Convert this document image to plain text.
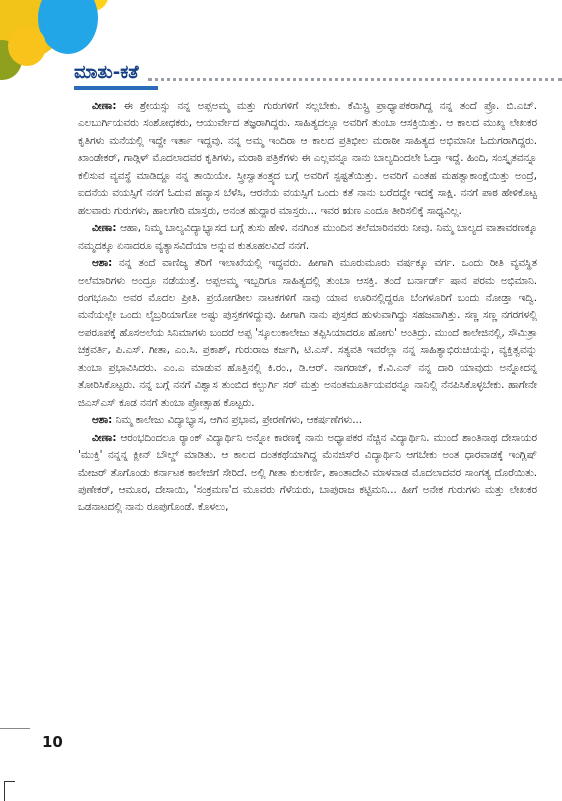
ಮಾತು-ಕತೆ

ವೀಣಾ: ಈ ಶ್ರೇಯಸ್ಸು ನನ್ನ ಅಪ್ಪಅಮ್ಮ ಮತ್ತು ಗುರುಗಳಿಗೆ ಸಲ್ಲಬೇಕು. ಕೆಮಿಸ್ಟ್ರಿ ಪ್ರಾಧ್ಯಾಪಕರಾಗಿದ್ದ ನನ್ನ ತಂದೆ ಪ್ರೊ. ಬಿ.ಎಚ್. ಎಲಬುರ್ಗಿಯವರು ಸಂಶೋಧಕರು, ಆಯುರ್ವೇದ ತಜ್ಞರಾಗಿದ್ದರು. ಸಾಹಿತ್ಯದಲ್ಲೂ ಅವರಿಗೆ ತುಂಬಾ ಆಸಕ್ತಿಯಿತ್ತು. ಆ ಕಾಲದ ಮುಖ್ಯ ಲೇಖಕರ ಕೃತಿಗಳು ಮನೆಯಲ್ಲಿ ಇದ್ದೇ ಇರ್ತಾ ಇದ್ದವು. ನನ್ನ ಅಮ್ಮ ಇಂದಿರಾ ಆ ಕಾಲದ ಪ್ರತಿಭೀಲ ಮರಾಠೀ ಸಾಹಿತ್ಯದ ಅಭಿಮಾನೀ ಓದುಗರಾಗಿದ್ದರು. ಖಾಂಡೇಕರ್, ಗಾಡ್ಗಿಳ್ ಮೊದಲಾದವರ ಕೃತಿಗಳು, ಮರಾಠಿ ಪತ್ರಿಕೆಗಳು ಈ ಎಲ್ಲವನ್ನೂ ನಾನು ಬಾಲ್ಯದಿಂದಲೇ ಓದ್ತಾ ಇದ್ದೆ. ಹಿಂದಿ, ಸಂಸ್ಕೃತವನ್ನೂ ಕಲಿಸುವ ವ್ಯವಸ್ಥೆ ಮಾಡಿದ್ದೂ ನನ್ನ ತಾಯಿಯೇ. ಸ್ತ್ರೀಸ್ವಾತಂತ್ರ್ಯದ ಬಗ್ಗೆ ಅವರಿಗೆ ಸ್ಪಷ್ಟತೆಯಿತ್ತು. ಅವರಿಗೆ ಎಂತಹ ಮಹತ್ವಾಕಾಂಕ್ಷೆಯಿತ್ತು ಅಂದ್ರೆ, ಐದನೆಯ ವಯಸ್ಸಿಗೆ ನನಗೆ ಓದುವ ಹವ್ಯಾಸ ಬೆಳೆಸಿ, ಆರನೆಯ ವಯಸ್ಸಿಗೆ ಒಂದು ಕತೆ ನಾನು ಬರೆದದ್ದೇ ಇದಕ್ಕೆ ಸಾಕ್ಷಿ. ನನಗೆ ಪಾಠ ಹೇಳಿಕೊಟ್ಟ ಹಲವಾರು ಗುರುಗಳು, ಹಾಲಗೇರಿ ಮಾಸ್ತರು, ಅನಂತ ಹುದ್ದಾರ ಮಾಸ್ತರು... ಇವರ ಋಣ ಎಂದೂ ತೀರಿಸಲಿಕ್ಕೆ ಸಾಧ್ಯವಿಲ್ಲ.

ವೀಣಾ: ಆಹಾ, ನಿಮ್ಮ ಬಾಲ್ಯವಿದ್ಯಾಭ್ಯಾಸದ ಬಗ್ಗೆ ತುಸು ಹೇಳಿ. ನನಗಿಂತ ಮುಂದಿನ ತಲೆಮಾರಿನವರು ನೀವು. ನಿಮ್ಮ ಬಾಲ್ಯದ ವಾತಾವರಣಕ್ಕೂ ನಮ್ಮದಕ್ಕೂ ಏನಾದರೂ ವ್ಯತ್ಯಾಸವಿದೆಯಾ ಅನ್ನುವ ಕುತೂಹಲವಿದೆ ನನಗೆ.

ಆಶಾ: ನನ್ನ ತಂದೆ ವಾಣಿಜ್ಯ ತೆರಿಗೆ ಇಲಾಖೆಯಲ್ಲಿ ಇದ್ದವರು. ಹೀಗಾಗಿ ಮೂರುಮೂರು ವರ್ಷಕ್ಕೂ ವರ್ಗ. ಒಂದು ರೀತಿ ವ್ಯವಸ್ಥಿತ ಅಲೆಮಾರಿಗಳು ಅಂದ್ರೂ ನಡೆಯುತ್ತೆ. ಅಪ್ಪಅಮ್ಮ ಇಬ್ಬರಿಗೂ ಸಾಹಿತ್ಯದಲ್ಲಿ ತುಂಬಾ ಆಸಕ್ತಿ. ತಂದೆ ಬರ್ನಾರ್ಡ್ ಷಾನ ಪರಮ ಅಭಿಮಾನಿ. ರಂಗಭೂಮಿ ಅವರ ಮೊದಲ ಪ್ರೀತಿ. ಪ್ರಯೋಗಶೀಲ ನಾಟಕಗಳಿಗೆ ನಾವು ಯಾವ ಊರಿನಲ್ಲಿದ್ದರೂ ಬೆಂಗಳೂರಿಗೆ ಬಂದು ನೋಡ್ತಾ ಇದ್ವಿ. ಮನೆಯಲ್ಲೇ ಒಂದು ಲೈಬ್ರರಿಯಾಗೋ ಅಷ್ಟು ಪುಸ್ತಕಗಳಿದ್ದುವು. ಹೀಗಾಗಿ ನಾನು ಪುಸ್ತಕದ ಹುಳುವಾಗಿದ್ದು ಸಹಜವಾಗಿತ್ತು. ಸಣ್ಣ ಸಣ್ಣ ನಗರಗಳಲ್ಲಿ ಅಪರೂಪಕ್ಕೆ ಹೊಸಅಲೆಯ ಸಿನಿಮಾಗಳು ಬಂದರೆ ಅಪ್ಪ 'ಸ್ಕೂಲುಕಾಲೇಜು ತಪ್ಪಿಸಿಯಾದರೂ ಹೋಗು' ಅಂತಿದ್ರು. ಮುಂದೆ ಕಾಲೇಜಿನಲ್ಲಿ, ಸೌಮಿತ್ರಾ ಚಕ್ರವರ್ತಿ, ಪಿ.ಎಸ್. ಗೀತಾ, ಎಂ.ಸಿ. ಪ್ರಕಾಶ್, ಗುರುರಾಜ ಕರ್ಜಗಿ, ಟಿ.ಎಸ್. ಸತ್ಯವತಿ ಇವರೆಲ್ಲಾ ನನ್ನ ಸಾಹಿತ್ಯಾಭಿರುಚಿಯನ್ನು, ವ್ಯಕ್ತಿತ್ವವನ್ನು ತುಂಬಾ ಪ್ರಭಾವಿಸಿದರು. ಎಂ.ಎ ಮಾಡುವ ಹೊತ್ತಿನಲ್ಲಿ ಕಿ.ರಂ., ಡಿ.ಆರ್. ನಾಗರಾಜ್, ಕೆ.ವಿ.ಎನ್ ನನ್ನ ದಾರಿ ಯಾವುದು ಅನ್ನೋದನ್ನ ತೋರಿಸಿಕೊಟ್ಟರು. ನನ್ನ ಬಗ್ಗೆ ನನಗೆ ವಿಶ್ವಾಸ ತುಂಬಿದ ಕಲ್ಬುರ್ಗಿ ಸರ್ ಮತ್ತು ಅನಂತಮೂರ್ತಿಯವರನ್ನೂ ನಾನಿಲ್ಲಿ ನೆನಪಿಸಿಕೊಳ್ಳಬೇಕು. ಹಾಗೇನೇ ಜಿಎಸ್‌ಎಸ್ ಕೂಡ ನನಗೆ ತುಂಬಾ ಪ್ರೋತ್ಸಾಹ ಕೊಟ್ಟರು.

ಆಶಾ: ನಿಮ್ಮ ಕಾಲೇಜು ವಿದ್ಯಾಭ್ಯಾಸ, ಆಗಿನ ಪ್ರಭಾವ, ಪ್ರೇರಣೆಗಳು, ಆಕರ್ಷಣೆಗಳು...

ವೀಣಾ: ಆರಂಭದಿಂದಲೂ ರ್‍ಯಾಂಕ್ ವಿದ್ಯಾರ್ಥಿನಿ ಅನ್ನೋ ಕಾರಣಕ್ಕೆ ನಾನು ಅಧ್ಯಾಪಕರ ನೆಚ್ಚಿನ ವಿದ್ಯಾರ್ಥಿನಿ. ಮುಂದೆ ಶಾಂತಿನಾಥ ದೇಸಾಯರ 'ಮುಕ್ತಿ' ನನ್ನನ್ನ ಕ್ಲೀನ್ ಬೌಲ್ಡ್ ಮಾಡಿತು. ಆ ಕಾಲದ ದಂತಕಥೆಯಾಗಿದ್ದ ಮೆನಜಿಸ್‌ರ ವಿದ್ಯಾರ್ಥಿನಿ ಆಗಬೇಕು ಅಂತ ಧಾರವಾಡಕ್ಕೆ ಇಂಗ್ಲಿಷ್ ಮೇಜರ್ ತೊಗೊಂಡು ಕರ್ನಾಟಕ ಕಾಲೇಜಿಗೆ ಸೇರಿದೆ. ಅಲ್ಲಿ ಗೀತಾ ಕುಲಕರ್ಣಿ, ಶಾಂತಾದೇವಿ ಮಾಳವಾಡ ಮೊದಲಾದವರ ಸಾಂಗತ್ಯ ದೊರೆಯಿತು. ಪುಣೇಕರ್, ಆಮೂರ, ದೇಸಾಯಿ, 'ಸಂಕ್ರಮಣ'ದ ಮೂವರು ಗೆಳೆಯರು, ಬಾಪುರಾಜ ಕಟ್ಟಿಮನಿ... ಹೀಗೆ ಅನೇಕ ಗುರುಗಳು ಮತ್ತು ಲೇಖಕರ ಒಡನಾಟದಲ್ಲಿ ನಾನು ರೂಪುಗೊಂಡೆ. ಕೊಳಲು,

10
